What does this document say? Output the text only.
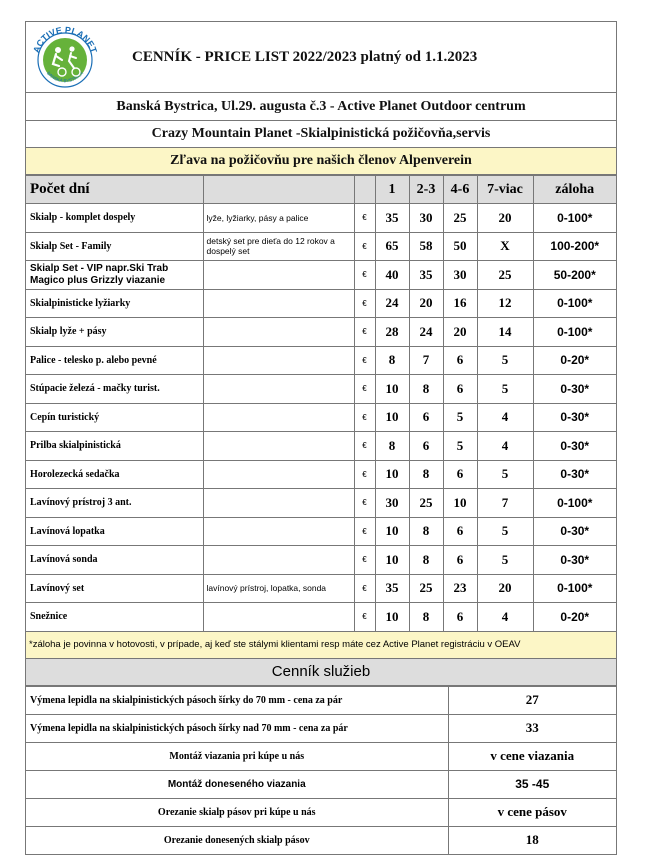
ACTIVE PLANET
BANSKÁ BYSTRICA
CENNÍK - PRICE LIST 2022/2023 platný od 1.1.2023
Banská Bystrica, Ul.29. augusta č.3 - Active Planet Outdoor centrum
Crazy Mountain Planet -Skialpinistická požičovňa,servis
Zľava na požičovňu pre našich členov Alpenverein
Počet dní			1	2-3	4-6	7-viac	záloha
Skialp - komplet dospely	lyže, lyžiarky, pásy a palice	€	35	30	25	20	0-100*
Skialp Set - Family	detský set pre dieťa do 12 rokov a dospelý set	€	65	58	50	X	100-200*
Skialp Set - VIP napr.Ski Trab Magico plus Grizzly viazanie		€	40	35	30	25	50-200*
Skialpinisticke lyžiarky		€	24	20	16	12	0-100*
Skialp lyže + pásy		€	28	24	20	14	0-100*
Palice - telesko p. alebo pevné		€	8	7	6	5	0-20*
Stúpacie železá - mačky turist.		€	10	8	6	5	0-30*
Cepín turistický		€	10	6	5	4	0-30*
Prilba skialpinistická		€	8	6	5	4	0-30*
Horolezecká sedačka		€	10	8	6	5	0-30*
Lavínový prístroj 3 ant.		€	30	25	10	7	0-100*
Lavínová lopatka		€	10	8	6	5	0-30*
Lavínová sonda		€	10	8	6	5	0-30*
Lavínový set	lavínový prístroj, lopatka, sonda	€	35	25	23	20	0-100*
Snežnice		€	10	8	6	4	0-20*
*záloha je povinna v hotovosti, v prípade, aj keď ste stálymi klientami resp máte cez Active Planet registráciu v OEAV
Cenník služieb
Výmena lepidla na skialpinistických pásoch šírky do 70 mm - cena za pár	27
Výmena lepidla na skialpinistických pásoch šírky nad 70 mm - cena za pár	33
Montáž viazania pri kúpe u nás	v cene viazania
Montáž doneseného viazania	35 -45
Orezanie skialp pásov pri kúpe u nás	v cene pásov
Orezanie donesených skialp pásov	18
